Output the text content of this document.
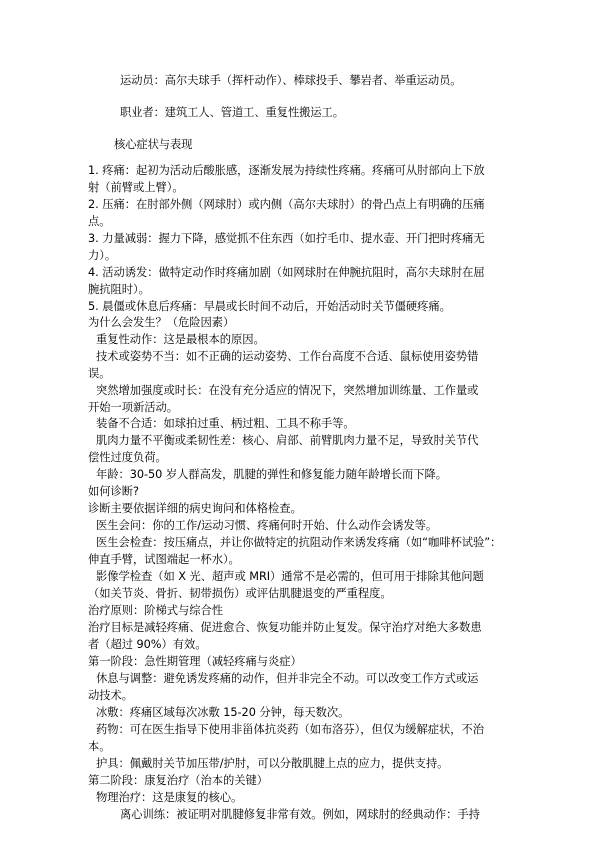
运动员：高尔夫球手（挥杆动作）、棒球投手、攀岩者、举重运动员。
职业者：建筑工人、管道工、重复性搬运工。
核心症状与表现
1. 疼痛：起初为活动后酸胀感，逐渐发展为持续性疼痛。疼痛可从肘部向上下放
射（前臂或上臂）。
2. 压痛：在肘部外侧（网球肘）或内侧（高尔夫球肘）的骨凸点上有明确的压痛
点。
3. 力量减弱：握力下降，感觉抓不住东西（如拧毛巾、提水壶、开门把时疼痛无
力）。
4. 活动诱发：做特定动作时疼痛加剧（如网球肘在伸腕抗阻时，高尔夫球肘在屈
腕抗阻时）。
5. 晨僵或休息后疼痛：早晨或长时间不动后，开始活动时关节僵硬疼痛。
为什么会发生？（危险因素）
重复性动作：这是最根本的原因。
技术或姿势不当：如不正确的运动姿势、工作台高度不合适、鼠标使用姿势错
误。
突然增加强度或时长：在没有充分适应的情况下，突然增加训练量、工作量或
开始一项新活动。
装备不合适：如球拍过重、柄过粗、工具不称手等。
肌肉力量不平衡或柔韧性差：核心、肩部、前臂肌肉力量不足，导致肘关节代
偿性过度负荷。
年龄：30-50 岁人群高发，肌腱的弹性和修复能力随年龄增长而下降。
如何诊断?
诊断主要依据详细的病史询问和体格检查。
医生会问：你的工作/运动习惯、疼痛何时开始、什么动作会诱发等。
医生会检查：按压痛点，并让你做特定的抗阻动作来诱发疼痛（如“咖啡杯试验”：
伸直手臂，试图端起一杯水）。
影像学检查（如 X 光、超声或 MRI）通常不是必需的，但可用于排除其他问题
（如关节炎、骨折、韧带损伤）或评估肌腱退变的严重程度。
治疗原则：阶梯式与综合性
治疗目标是减轻疼痛、促进愈合、恢复功能并防止复发。保守治疗对绝大多数患
者（超过 90%）有效。
第一阶段：急性期管理（减轻疼痛与炎症）
休息与调整：避免诱发疼痛的动作，但并非完全不动。可以改变工作方式或运
动技术。
冰敷：疼痛区域每次冰敷 15-20 分钟，每天数次。
药物：可在医生指导下使用非甾体抗炎药（如布洛芬），但仅为缓解症状，不治
本。
护具：佩戴肘关节加压带/护肘，可以分散肌腱上点的应力，提供支持。
第二阶段：康复治疗（治本的关键）
物理治疗：这是康复的核心。
离心训练：被证明对肌腱修复非常有效。例如，网球肘的经典动作：手持
